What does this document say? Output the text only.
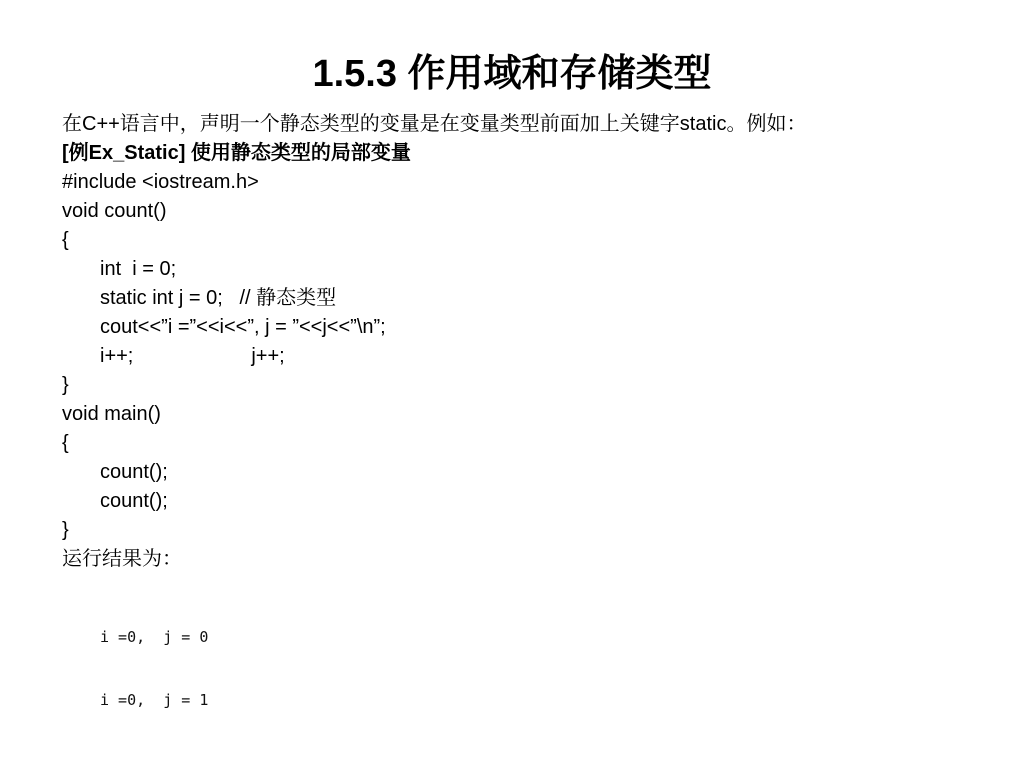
1.5.3 作用域和存储类型
在C++语言中，声明一个静态类型的变量是在变量类型前面加上关键字static。例如：
[例Ex_Static] 使用静态类型的局部变量
#include <iostream.h>
void count()
{
int  i = 0;
static int j = 0;   // 静态类型
cout<<”i =”<<i<<”, j = ”<<j<<”\n”;
i++;	j++;
}
void main()
{
count();
count();
}
运行结果为：

i =0,  j = 0

i =0,  j = 1
